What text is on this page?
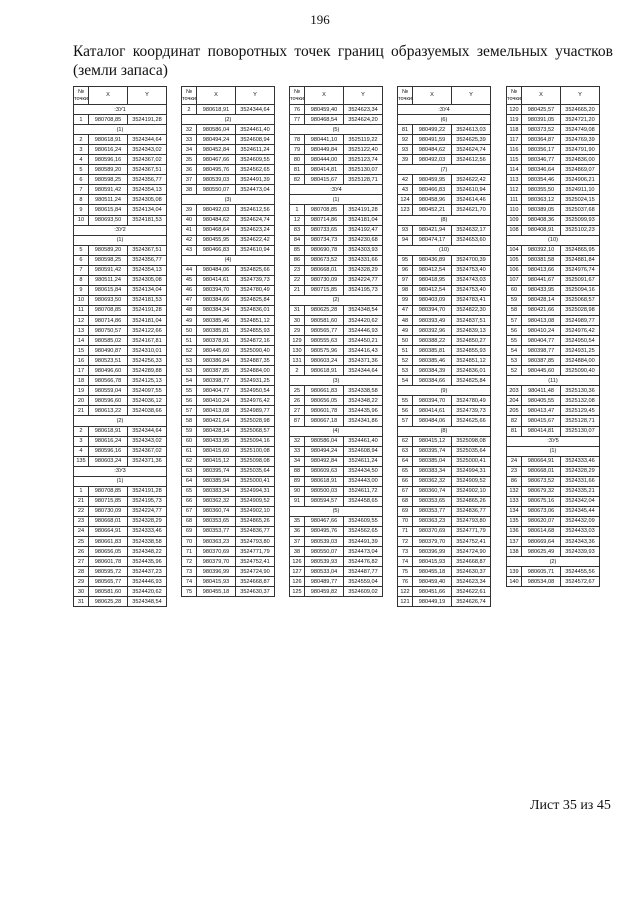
196
Каталог координат поворотных точек границ образуемых земельных участков (земли запаса)
№
точки	X	Y
:ЗУ1		
1	980708,85	3524191,28
(1)		
2	980618,91	3524344,64
3	980616,24	3524343,02
4	980596,16	3524367,02
5	980589,20	3524367,51
6	980598,25	3524356,77
7	980591,42	3524354,13
8	980511,24	3524305,08
9	980615,84	3524134,04
10	980693,50	3524181,53
:ЗУ2		
(1)		
5	980589,20	3524367,51
6	980598,25	3524356,77
7	980591,42	3524354,13
8	980511,24	3524305,08
9	980615,84	3524134,04
10	980693,50	3524181,53
11	980708,85	3524191,28
12	980714,86	3524181,04
13	980750,57	3524122,66
14	980585,02	3524167,81
15	980490,87	3524310,01
16	980523,51	3524256,33
17	980496,60	3524289,88
18	980566,78	3524125,13
19	980559,04	3524097,55
20	980596,60	3524036,12
21	980613,22	3524038,66
(2)		
2	980618,91	3524344,64
3	980616,24	3524343,02
4	980596,16	3524367,02
135	980603,24	3524371,36
:ЗУ3		
(1)		
1	980708,85	3524191,28
21	980715,85	3524195,73
22	980730,09	3524224,77
23	980668,01	3524328,29
24	980664,91	3524333,46
25	980661,83	3524338,58
26	980656,05	3524348,22
27	980601,78	3524435,96
28	980595,72	3524437,23
29	980565,77	3524446,93
30	980581,60	3524420,62
31	980625,28	3524348,54
№
точки	X	Y
2	980618,91	3524344,64
(2)		
32	980586,04	3524461,40
33	980494,24	3524608,94
34	980452,84	3524611,24
35	980467,66	3524609,55
36	980495,76	3524562,65
37	980539,03	3524491,39
38	980550,07	3524473,04
(3)		
39	980492,03	3524612,56
40	980484,62	3524624,74
41	980468,64	3524623,24
42	980455,95	3524622,42
43	980466,83	3524610,94
(4)		
44	980484,06	3524825,66
45	980414,61	3524739,73
46	980394,70	3524780,49
47	980384,66	3524825,84
48	980384,34	3524836,01
49	980385,46	3524851,12
50	980385,81	3524855,93
51	980378,91	3524872,16
52	980445,60	3525090,40
53	980386,84	3524887,35
53	980387,85	3524884,00
54	980398,77	3524931,25
55	980404,77	3524950,54
56	980410,24	3524976,42
57	980413,08	3524989,77
58	980421,64	3525028,98
59	980428,14	3525068,57
60	980433,95	3525094,16
61	980415,60	3525100,08
62	980415,12	3525098,08
63	980395,74	3525035,64
64	980385,94	3525000,41
65	980383,34	3524994,31
66	980362,32	3524909,52
67	980360,74	3524902,10
68	980353,65	3524865,26
69	980353,77	3524836,77
70	980363,23	3524793,80
71	980370,69	3524771,79
72	980379,70	3524752,41
73	980396,99	3524724,90
74	980415,93	3524668,87
75	980455,18	3524630,37
№
точки	X	Y
76	980459,40	3524623,34
77	980468,54	3524624,20
(5)		
78	980441,10	3525119,22
79	980449,84	3525122,40
80	980444,00	3525123,74
81	980414,81	3525130,07
82	980415,67	3525128,71
:ЗУ4		
(1)		
1	980708,85	3524191,28
12	980714,86	3524181,04
83	980733,65	3524192,47
84	980734,73	3524230,68
85	980690,78	3524303,93
86	980673,52	3524331,66
23	980668,01	3524328,29
22	980730,09	3524224,77
21	980715,85	3524195,73
(2)		
31	980625,28	3524348,54
30	980581,60	3524420,62
29	980565,77	3524446,93
129	980555,63	3524450,21
130	980575,96	3524416,43
131	980603,24	3524371,36
2	980618,91	3524344,64
(3)		
25	980661,83	3524338,58
26	980656,05	3524348,22
27	980601,78	3524435,96
87	980667,18	3524341,86
(4)		
32	980586,04	3524461,40
33	980494,24	3524608,94
34	980492,84	3524611,24
88	980609,63	3524434,50
89	980618,91	3524443,00
90	980500,03	3524611,72
91	980594,57	3524458,65
(5)		
35	980467,66	3524609,55
36	980495,76	3524562,65
37	980539,03	3524491,39
38	980550,07	3524473,04
126	980539,93	3524476,82
127	980533,04	3524487,77
126	980489,77	3524559,04
125	980459,82	3524609,02
№
точки	X	Y
:ЗУ4		
(6)		
81	980499,22	3524613,03
92	980491,59	3524625,39
93	980484,62	3524624,74
39	980492,03	3524612,56
(7)		
42	980459,95	3524622,42
43	980466,83	3524610,94
124	980458,96	3524614,46
123	980452,21	3524621,70
(8)		
93	980421,94	3524632,17
94	980474,17	3524653,60
(10)		
95	980436,89	3524700,39
96	980412,54	3524753,40
97	980418,95	3524743,03
98	980412,54	3524753,40
99	980403,09	3524783,41
47	980394,70	3524822,30
48	980393,49	3524837,51
49	980392,96	3524839,13
50	980388,22	3524850,27
51	980385,81	3524855,93
52	980385,46	3524851,12
53	980384,39	3524836,01
54	980384,66	3524825,84
(9)		
55	980394,70	3524780,49
56	980414,61	3524739,73
57	980484,06	3524625,66
(8)		
62	980415,12	3525098,08
63	980395,74	3525035,64
64	980385,04	3525000,41
65	980383,34	3524994,31
66	980362,32	3524909,52
67	980360,74	3524902,10
68	980353,65	3524865,26
69	980353,77	3524836,77
70	980363,23	3524793,80
71	980370,69	3524771,79
72	980379,70	3524752,41
73	980396,99	3524724,90
74	980415,93	3524668,87
75	980455,18	3524630,37
76	980459,40	3524623,34
122	980451,66	3524622,61
121	980449,19	3524626,74
№
точки	X	Y
120	980425,57	3524665,20
119	980391,05	3524721,20
118	980373,52	3524749,08
117	980364,87	3524769,39
116	980356,17	3524791,90
115	980346,77	3524836,00
114	980346,64	3524869,07
113	980354,46	3524906,21
112	980355,50	3524911,10
111	980363,12	3525024,15
110	980389,05	3525037,68
109	980408,36	3525099,93
108	980408,91	3525102,23
(10)		
104	980392,10	3524865,95
105	980381,58	3524881,84
106	980413,66	3524976,74
107	980441,67	3525091,67
60	980433,95	3525094,16
59	980428,14	3525068,57
58	980421,66	3525028,98
57	980413,08	3524989,77
56	980410,24	3524976,42
55	980404,77	3524950,54
54	980398,77	3524931,25
53	980387,85	3524884,00
52	980445,60	3525090,40
(11)		
203	980411,48	3525130,36
204	980405,55	3525132,08
205	980413,47	3525129,45
82	980415,67	3525128,71
81	980414,81	3525130,07
:ЗУ5		
(1)		
24	980664,91	3524333,46
23	980668,01	3524328,29
86	980673,52	3524331,66
132	980679,32	3524335,21
133	980675,16	3524342,04
134	980673,06	3524345,44
135	980620,07	3524432,09
136	980614,68	3524433,03
137	980669,64	3524343,36
138	980625,49	3524339,93
(2)		
139	980605,71	3524455,56
140	980534,08	3524572,67
Лист 35 из 45
